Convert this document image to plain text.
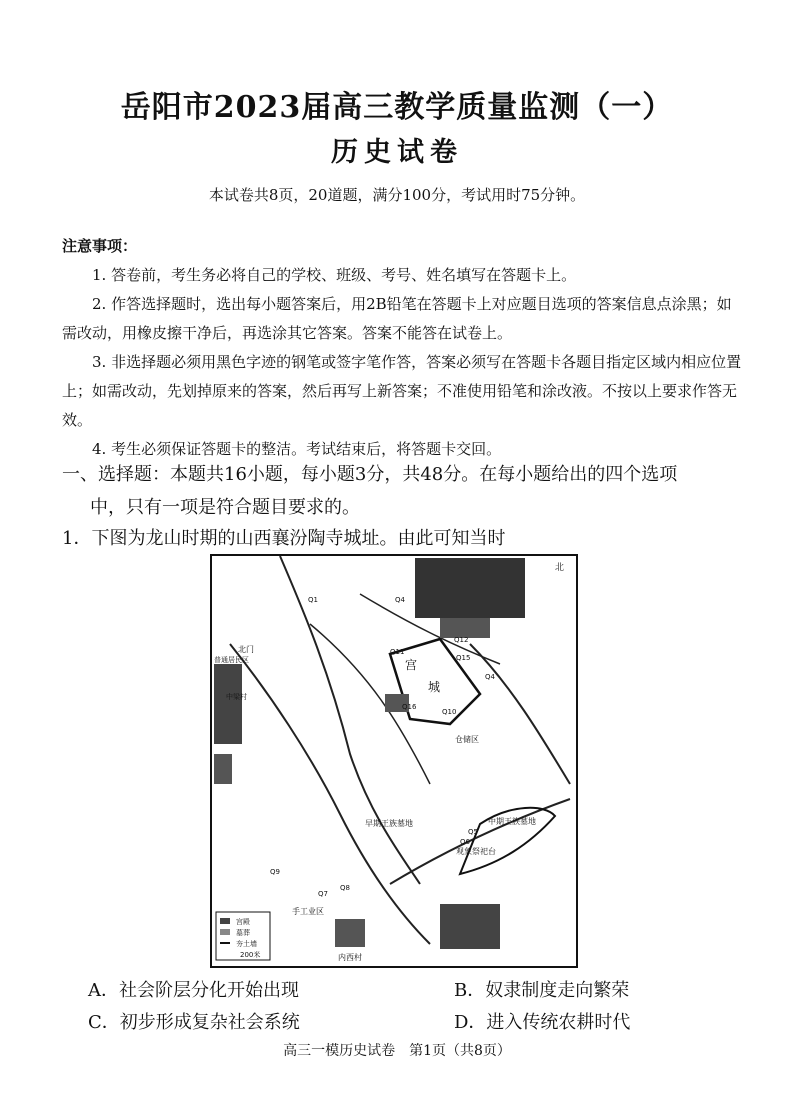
岳阳市2023届高三教学质量监测（一）
历史试卷
本试卷共8页，20道题，满分100分，考试用时75分钟。
注意事项：

1. 答卷前，考生务必将自己的学校、班级、考号、姓名填写在答题卡上。

2. 作答选择题时，选出每小题答案后，用2B铅笔在答题卡上对应题目选项的答案信息点涂黑；如需改动，用橡皮擦干净后，再选涂其它答案。答案不能答在试卷上。

3. 非选择题必须用黑色字迹的钢笔或签字笔作答，答案必须写在答题卡各题目指定区域内相应位置上；如需改动，先划掉原来的答案，然后再写上新答案；不准使用铅笔和涂改液。不按以上要求作答无效。

4. 考生必须保证答题卡的整洁。考试结束后，将答题卡交回。

一、选择题：本题共16小题，每小题3分，共48分。在每小题给出的四个选项
中，只有一项是符合题目要求的。
1．下图为龙山时期的山西襄汾陶寺城址。由此可知当时
北
宫
城
北门
普通居民区
中梁村
仓储区
早期王族墓地	中期王族墓地
观象祭祀台
手工业区
内西村
Q1	Q4
Q4
Q5
Q6
Q7
Q8
Q9
Q10
Q11
Q12
Q15
Q16
宫殿
墓葬
夯土墙
200米
A．社会阶层分化开始出现	B．奴隶制度走向繁荣
C．初步形成复杂社会系统	D．进入传统农耕时代
高三一模历史试卷　第1页（共8页）
